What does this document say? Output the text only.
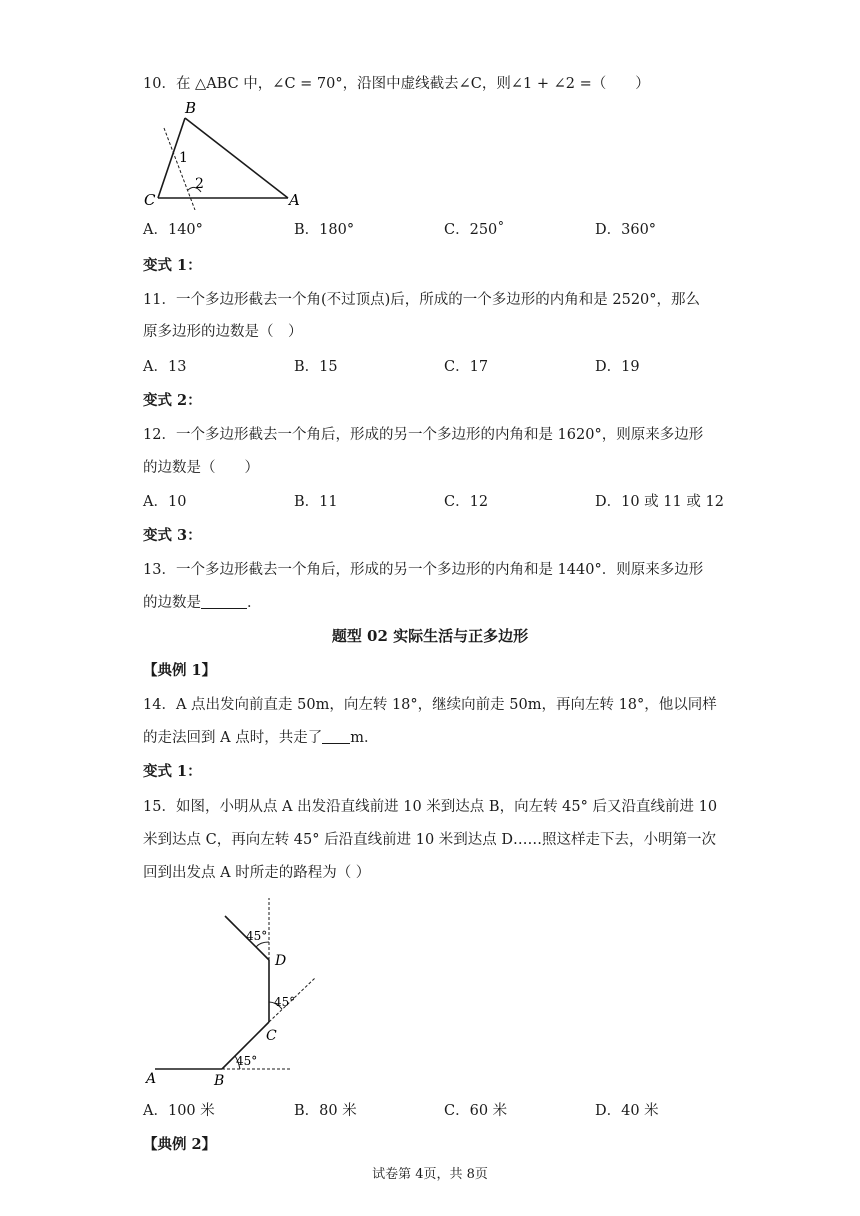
10．在 △ABC 中，∠C = 70°，沿图中虚线截去∠C，则∠1 + ∠2 =（　　）
B
C	A
1
2
A．140°	B．180°	C．250˚	D．360°
变式 1：
11．一个多边形截去一个角(不过顶点)后，所成的一个多边形的内角和是 2520°，那么
原多边形的边数是（　）
A．13	B．15	C．17	D．19
变式 2：
12．一个多边形截去一个角后，形成的另一个多边形的内角和是 1620°，则原来多边形
的边数是（　　）
A．10	B．11	C．12	D．10 或 11 或 12
变式 3：
13．一个多边形截去一个角后，形成的另一个多边形的内角和是 1440°．则原来多边形
的边数是	．
题型 02 实际生活与正多边形
【典例 1】
14．A 点出发向前直走 50m，向左转 18°，继续向前走 50m，再向左转 18°，他以同样
的走法回到 A 点时，共走了 m．
变式 1：
15．如图，小明从点 A 出发沿直线前进 10 米到达点 B，向左转 45° 后又沿直线前进 10
米到达点 C，再向左转 45° 后沿直线前进 10 米到达点 D……照这样走下去，小明第一次
回到出发点 A 时所走的路程为（ ）
A	B
C
D
45°
45°
45°
A．100 米	B．80 米	C．60 米	D．40 米
【典例 2】
试卷第 4页，共 8页
